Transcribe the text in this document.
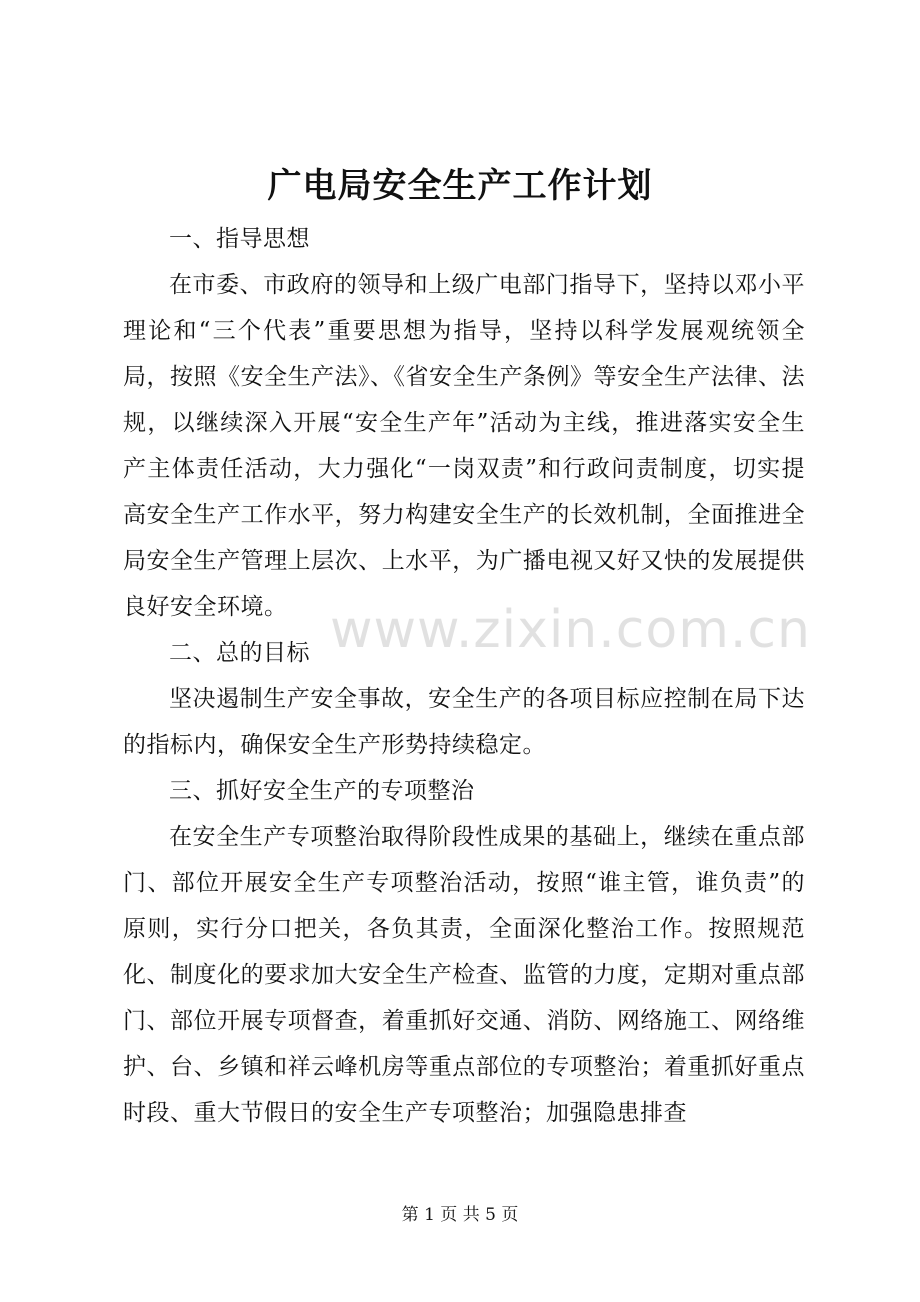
广电局安全生产工作计划

一、指导思想

在市委、市政府的领导和上级广电部门指导下，坚持以邓小平理论和“三个代表”重要思想为指导，坚持以科学发展观统领全局，按照《安全生产法》、《省安全生产条例》等安全生产法律、法规，以继续深入开展“安全生产年”活动为主线，推进落实安全生产主体责任活动，大力强化“一岗双责”和行政问责制度，切实提高安全生产工作水平，努力构建安全生产的长效机制，全面推进全局安全生产管理上层次、上水平，为广播电视又好又快的发展提供良好安全环境。

二、总的目标

坚决遏制生产安全事故，安全生产的各项目标应控制在局下达的指标内，确保安全生产形势持续稳定。

三、抓好安全生产的专项整治

在安全生产专项整治取得阶段性成果的基础上，继续在重点部门、部位开展安全生产专项整治活动，按照“谁主管，谁负责”的原则，实行分口把关，各负其责，全面深化整治工作。按照规范化、制度化的要求加大安全生产检查、监管的力度，定期对重点部门、部位开展专项督查，着重抓好交通、消防、网络施工、网络维护、台、乡镇和祥云峰机房等重点部位的专项整治；着重抓好重点时段、重大节假日的安全生产专项整治；加强隐患排查

www.zixin.com.cn
第 1 页 共 5 页
